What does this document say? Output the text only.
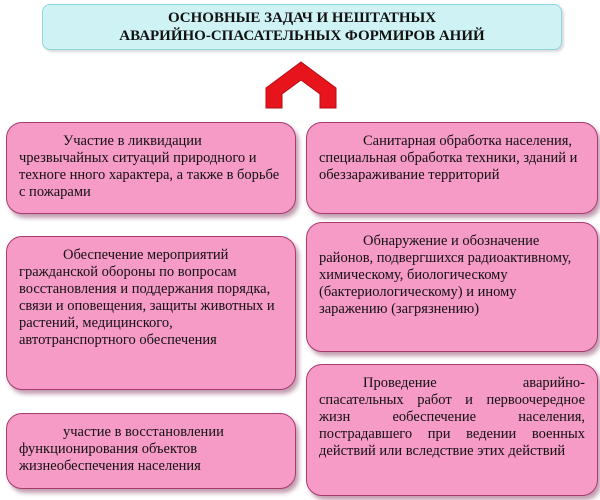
ОСНОВНЫЕ ЗАДАЧ И НЕШТАТНЫХ
АВАРИЙНО-СПАСАТЕЛЬНЫХ ФОРМИРОВ АНИЙ

Участие в ликвидации чрезвычайных ситуаций природного и техноге нного характера, а также в борьбе с пожарами

Санитарная обработка населения, специальная обработка техники, зданий и обеззараживание территорий

Обеспечение мероприятий гражданской обороны по вопросам восстановления и поддержания порядка, связи и оповещения, защиты животных и растений, медицинского, автотранспортного обеспечения

Обнаружение и обозначение районов, подвергшихся радиоактивному, химическому, биологическому (бактериологическому) и иному заражению (загрязнению)

участие в восстановлении функционирования объектов жизнеобеспечения населения

Проведение аварийно-спасательных работ и первоочередное жизн еобеспечение населения, пострадавшего при ведении военных действий или вследствие этих действий
